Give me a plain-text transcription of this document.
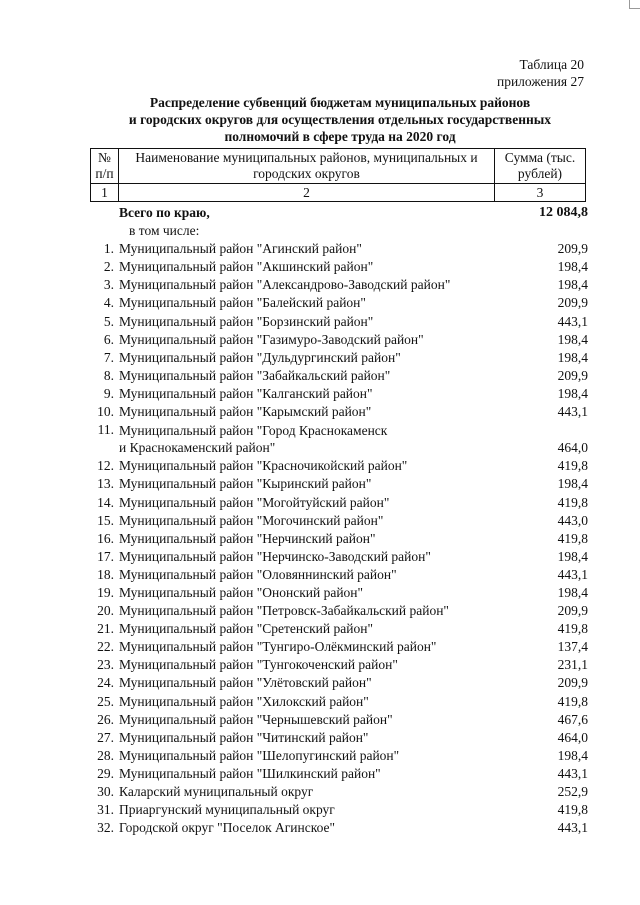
Таблица 20
приложения 27
Распределение субвенций бюджетам муниципальных районов
и городских округов для осуществления отдельных государственных
полномочий в сфере труда на 2020 год
№ п/п	Наименование муниципальных районов, муниципальных и городских округов	Сумма (тыс. рублей)
1	2	3
Всего по краю,	12 084,8
в том числе:
1. Муниципальный район "Агинский район"	209,9
2. Муниципальный район "Акшинский район"	198,4
3. Муниципальный район "Александрово-Заводский район"	198,4
4. Муниципальный район "Балейский район"	209,9
5. Муниципальный район "Борзинский район"	443,1
6. Муниципальный район "Газимуро-Заводский район"	198,4
7. Муниципальный район "Дульдургинский район"	198,4
8. Муниципальный район "Забайкальский район"	209,9
9. Муниципальный район "Калганский район"	198,4
10. Муниципальный район "Карымский район"	443,1
11. Муниципальный район "Город Краснокаменск
и Краснокаменский район"	464,0
12. Муниципальный район "Красночикойский район"	419,8
13. Муниципальный район "Кыринский район"	198,4
14. Муниципальный район "Могойтуйский район"	419,8
15. Муниципальный район "Могочинский район"	443,0
16. Муниципальный район "Нерчинский район"	419,8
17. Муниципальный район "Нерчинско-Заводский район"	198,4
18. Муниципальный район "Оловяннинский район"	443,1
19. Муниципальный район "Ононский район"	198,4
20. Муниципальный район "Петровск-Забайкальский район"	209,9
21. Муниципальный район "Сретенский район"	419,8
22. Муниципальный район "Тунгиро-Олёкминский район"	137,4
23. Муниципальный район "Тунгокоченский район"	231,1
24. Муниципальный район "Улётовский район"	209,9
25. Муниципальный район "Хилокский район"	419,8
26. Муниципальный район "Чернышевский район"	467,6
27. Муниципальный район "Читинский район"	464,0
28. Муниципальный район "Шелопугинский район"	198,4
29. Муниципальный район "Шилкинский район"	443,1
30. Каларский муниципальный округ	252,9
31. Приаргунский муниципальный округ	419,8
32. Городской округ "Поселок Агинское"	443,1
